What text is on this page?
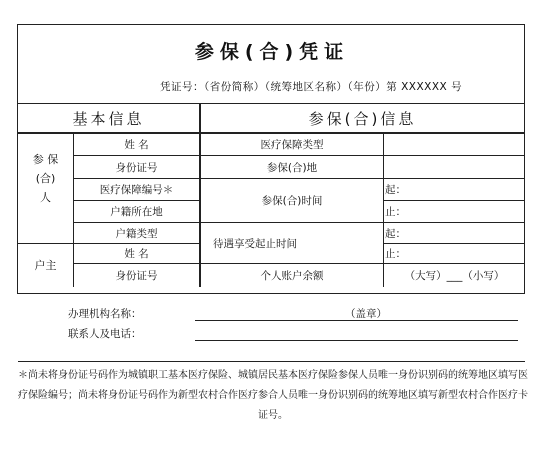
参保(合)凭证
凭证号：（省份简称）（统筹地区名称）（年份）第 XXXXXX 号
基本信息	参保(合)信息
参 保
(合)
人
户主
姓 名
身份证号
医疗保障编号＊
户籍所在地
户籍类型
姓 名
身份证号
医疗保障类型
参保(合)地
参保(合)时间
待遇享受起止时间
个人账户余额
起：
止：
起：
止：
（大写）___（小写）
办理机构名称：	（盖章）
联系人及电话：
＊尚未将身份证号码作为城镇职工基本医疗保险、城镇居民基本医疗保险参保人员唯一身份识别码的统筹地区填写医疗保险编号；尚未将身份证号码作为新型农村合作医疗参合人员唯一身份识别码的统筹地区填写新型农村合作医疗卡证号。
